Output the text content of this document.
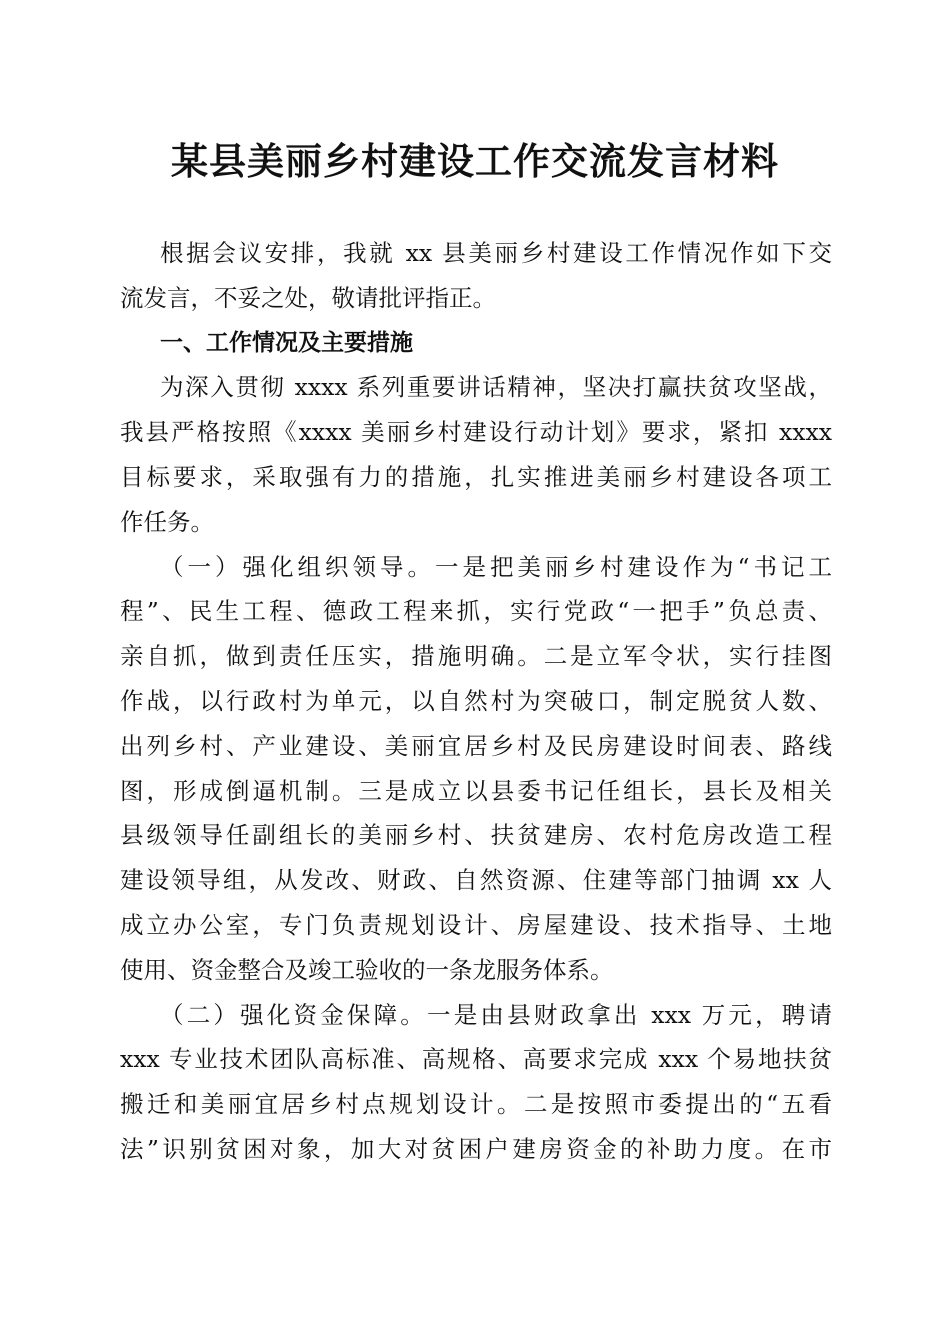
某县美丽乡村建设工作交流发言材料
根据会议安排，我就 xx 县美丽乡村建设工作情况作如下交
流发言，不妥之处，敬请批评指正。
一、工作情况及主要措施
为深入贯彻 xxxx 系列重要讲话精神，坚决打赢扶贫攻坚战，
我县严格按照《xxxx 美丽乡村建设行动计划》要求，紧扣 xxxx
目标要求，采取强有力的措施，扎实推进美丽乡村建设各项工
作任务。
（一）强化组织领导。一是把美丽乡村建设作为“书记工
程”、民生工程、德政工程来抓，实行党政“一把手”负总责、
亲自抓，做到责任压实，措施明确。二是立军令状，实行挂图
作战，以行政村为单元，以自然村为突破口，制定脱贫人数、
出列乡村、产业建设、美丽宜居乡村及民房建设时间表、路线
图，形成倒逼机制。三是成立以县委书记任组长，县长及相关
县级领导任副组长的美丽乡村、扶贫建房、农村危房改造工程
建设领导组，从发改、财政、自然资源、住建等部门抽调 xx 人
成立办公室，专门负责规划设计、房屋建设、技术指导、土地
使用、资金整合及竣工验收的一条龙服务体系。
（二）强化资金保障。一是由县财政拿出 xxx 万元，聘请
xxx 专业技术团队高标准、高规格、高要求完成 xxx 个易地扶贫
搬迁和美丽宜居乡村点规划设计。二是按照市委提出的“五看
法”识别贫困对象，加大对贫困户建房资金的补助力度。在市
